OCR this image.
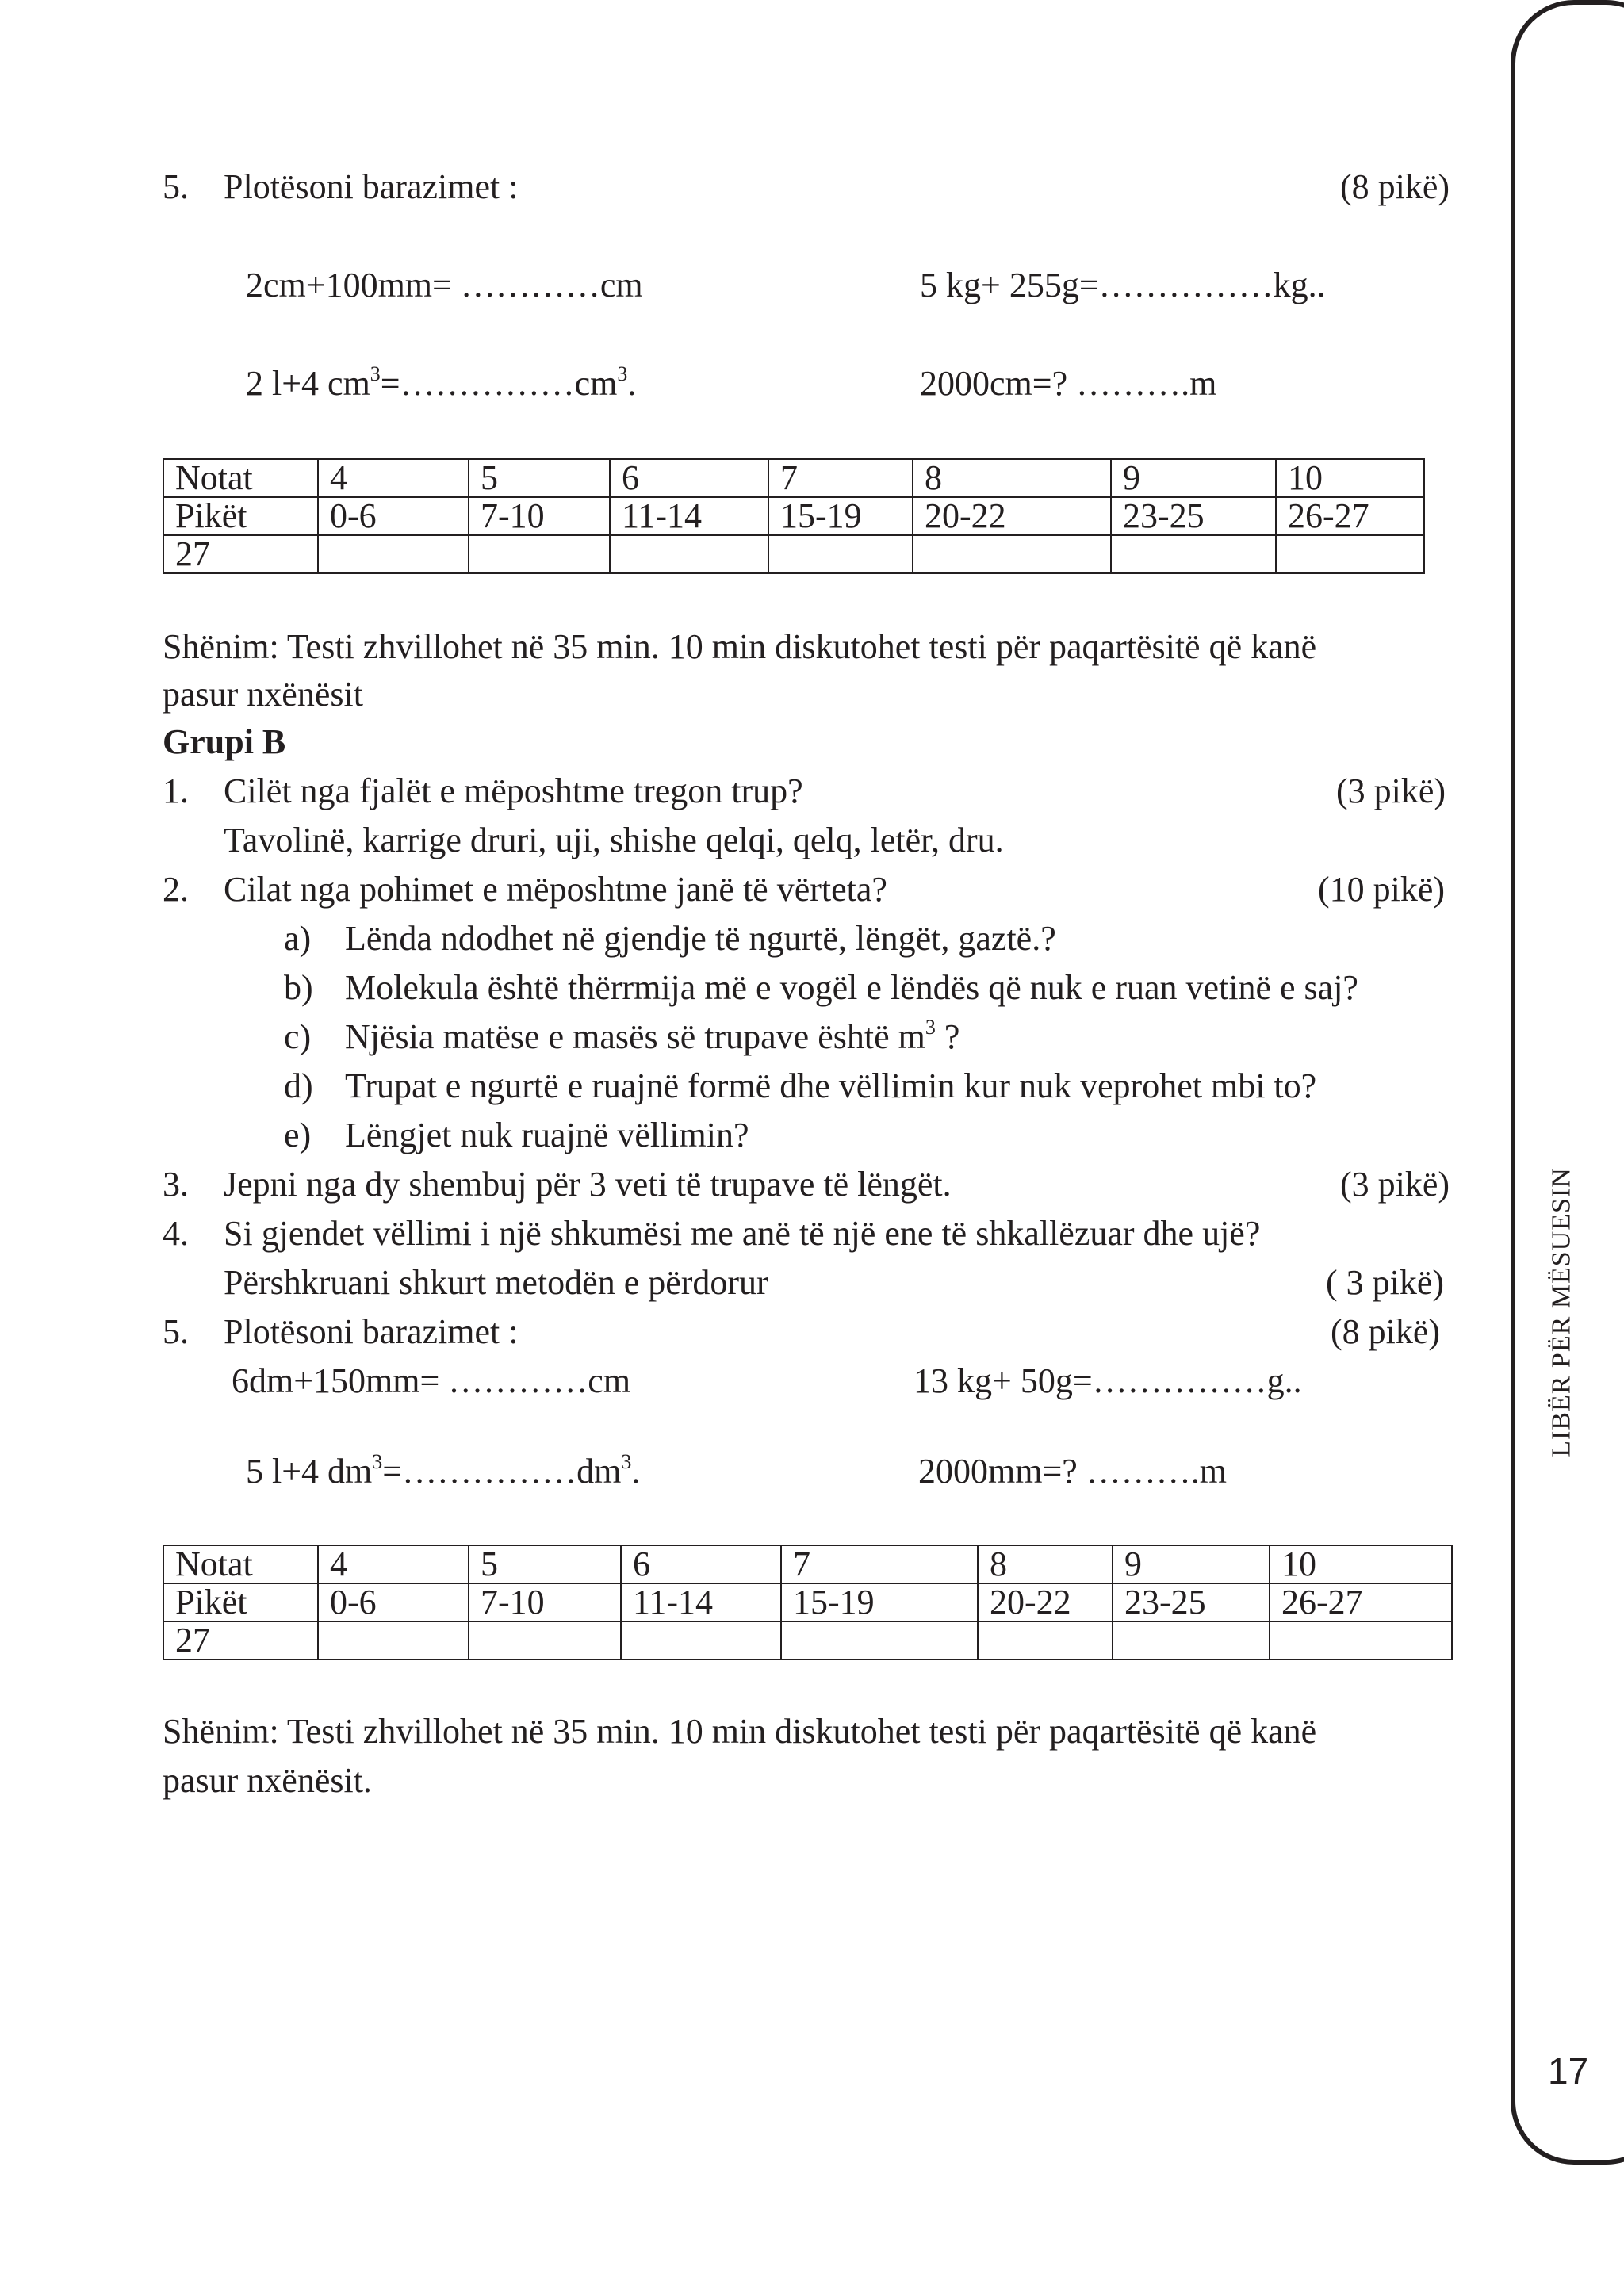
LIBËR PËR MËSUESIN
17
5. Plotësoni barazimet :	(8 pikë)
2cm+100mm= …………cm	5 kg+ 255g=……………kg..
2 l+4 $cm^3=\dots\dots\dots\dots\dots cm^3$.	2000cm=? ……….m
Notat	4	5	6	7	8	9	10
Pikët	0-6	7-10	11-14	15-19	20-22	23-25	26-27
27							
Shënim: Testi zhvillohet në 35 min. 10 min diskutohet testi për paqartësitë që kanë
pasur nxënësit
Grupi B
1. Cilët nga fjalët e mëposhtme tregon trup?	(3 pikë)
Tavolinë, karrige druri, uji, shishe qelqi, qelq, letër, dru.
2. Cilat nga pohimet e mëposhtme janë të vërteta?	(10 pikë)
a) Lënda ndodhet në gjendje të ngurtë, lëngët, gaztë.?
b) Molekula është thërrmija më e vogël e lëndës që nuk e ruan vetinë e saj?
c) Njësia matëse e masës së trupave është $m^3$ ?
d) Trupat e ngurtë e ruajnë formë dhe vëllimin kur nuk veprohet mbi to?
e) Lëngjet nuk ruajnë vëllimin?
3. Jepni nga dy shembuj për 3 veti të trupave të lëngët.	(3 pikë)
4. Si gjendet vëllimi i një shkumësi me anë të një ene të shkallëzuar dhe ujë?
Përshkruani shkurt metodën e përdorur	( 3 pikë)
5. Plotësoni barazimet :	(8 pikë)
6dm+150mm= …………cm	13 kg+ 50g=……………g..
5 l+4 $dm^3=\dots\dots\dots\dots\dots dm^3$.	2000mm=? ……….m
Notat	4	5	6	7	8	9	10
Pikët	0-6	7-10	11-14	15-19	20-22	23-25	26-27
27							
Shënim: Testi zhvillohet në 35 min. 10 min diskutohet testi për paqartësitë që kanë
pasur nxënësit.
